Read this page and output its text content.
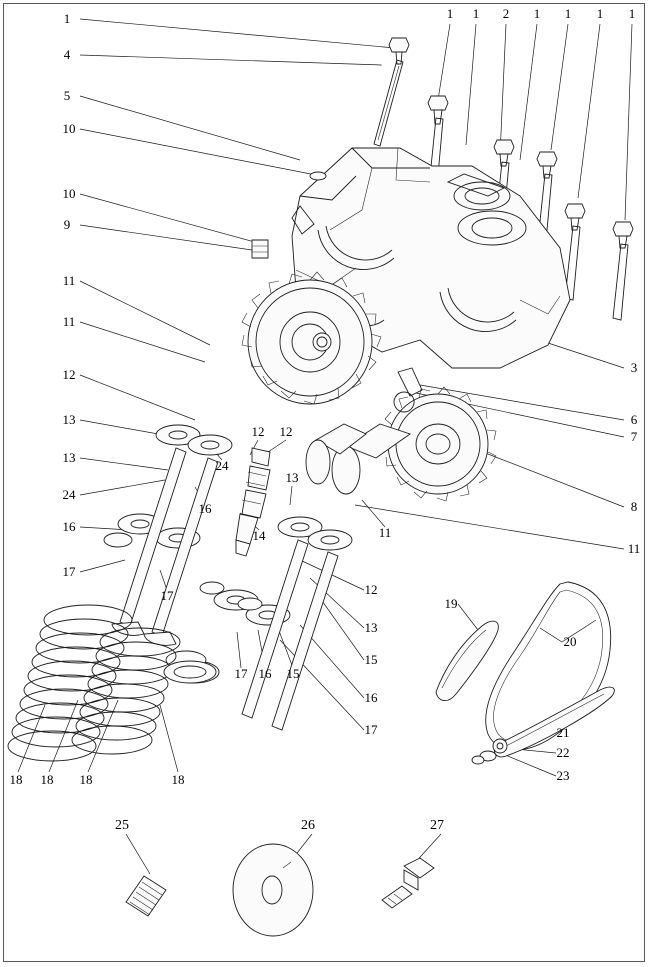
1
4
5
10
10
9
11
11
12
13
13
24
16
17
1 1 2 1 1 1 1
3
6
7
8
11
12 12
24
13
16
14	11
17	12
13
15
16
17
17 16 15
18 18 18	18
19
20
21
22
23
25	26	27
